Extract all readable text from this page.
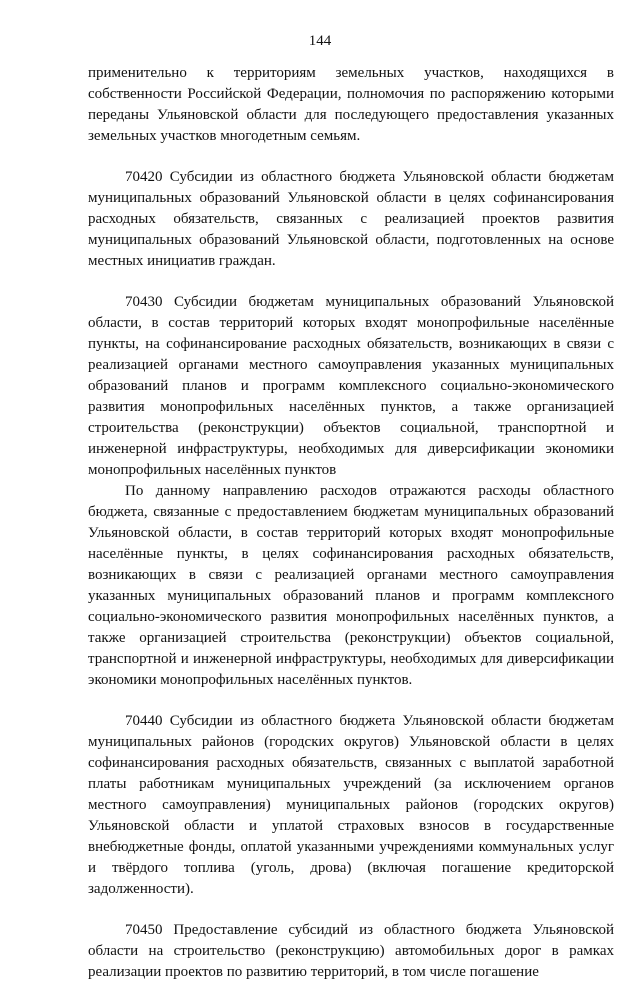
144

применительно к территориям земельных участков, находящихся в собственности Российской Федерации, полномочия по распоряжению которыми переданы Ульяновской области для последующего предоставления указанных земельных участков многодетным семьям.

70420 Субсидии из областного бюджета Ульяновской области бюджетам муниципальных образований Ульяновской области в целях софинансирования расходных обязательств, связанных с реализацией проектов развития муниципальных образований Ульяновской области, подготовленных на основе местных инициатив граждан.

70430 Субсидии бюджетам муниципальных образований Ульяновской области, в состав территорий которых входят монопрофильные населённые пункты, на софинансирование расходных обязательств, возникающих в связи с реализацией органами местного самоуправления указанных муниципальных образований планов и программ комплексного социально-экономического развития монопрофильных населённых пунктов, а также организацией строительства (реконструкции) объектов социальной, транспортной и инженерной инфраструктуры, необходимых для диверсификации экономики монопрофильных населённых пунктов

По данному направлению расходов отражаются расходы областного бюджета, связанные с предоставлением бюджетам муниципальных образований Ульяновской области, в состав территорий которых входят монопрофильные населённые пункты, в целях софинансирования расходных обязательств, возникающих в связи с реализацией органами местного самоуправления указанных муниципальных образований планов и программ комплексного социально-экономического развития монопрофильных населённых пунктов, а также организацией строительства (реконструкции) объектов социальной, транспортной и инженерной инфраструктуры, необходимых для диверсификации экономики монопрофильных населённых пунктов.

70440 Субсидии из областного бюджета Ульяновской области бюджетам муниципальных районов (городских округов) Ульяновской области в целях софинансирования расходных обязательств, связанных с выплатой заработной платы работникам муниципальных учреждений (за исключением органов местного самоуправления) муниципальных районов (городских округов) Ульяновской области и уплатой страховых взносов в государственные внебюджетные фонды, оплатой указанными учреждениями коммунальных услуг и твёрдого топлива (уголь, дрова) (включая погашение кредиторской задолженности).

70450 Предоставление субсидий из областного бюджета Ульяновской области на строительство (реконструкцию) автомобильных дорог в рамках реализации проектов по развитию территорий, в том числе погашение
